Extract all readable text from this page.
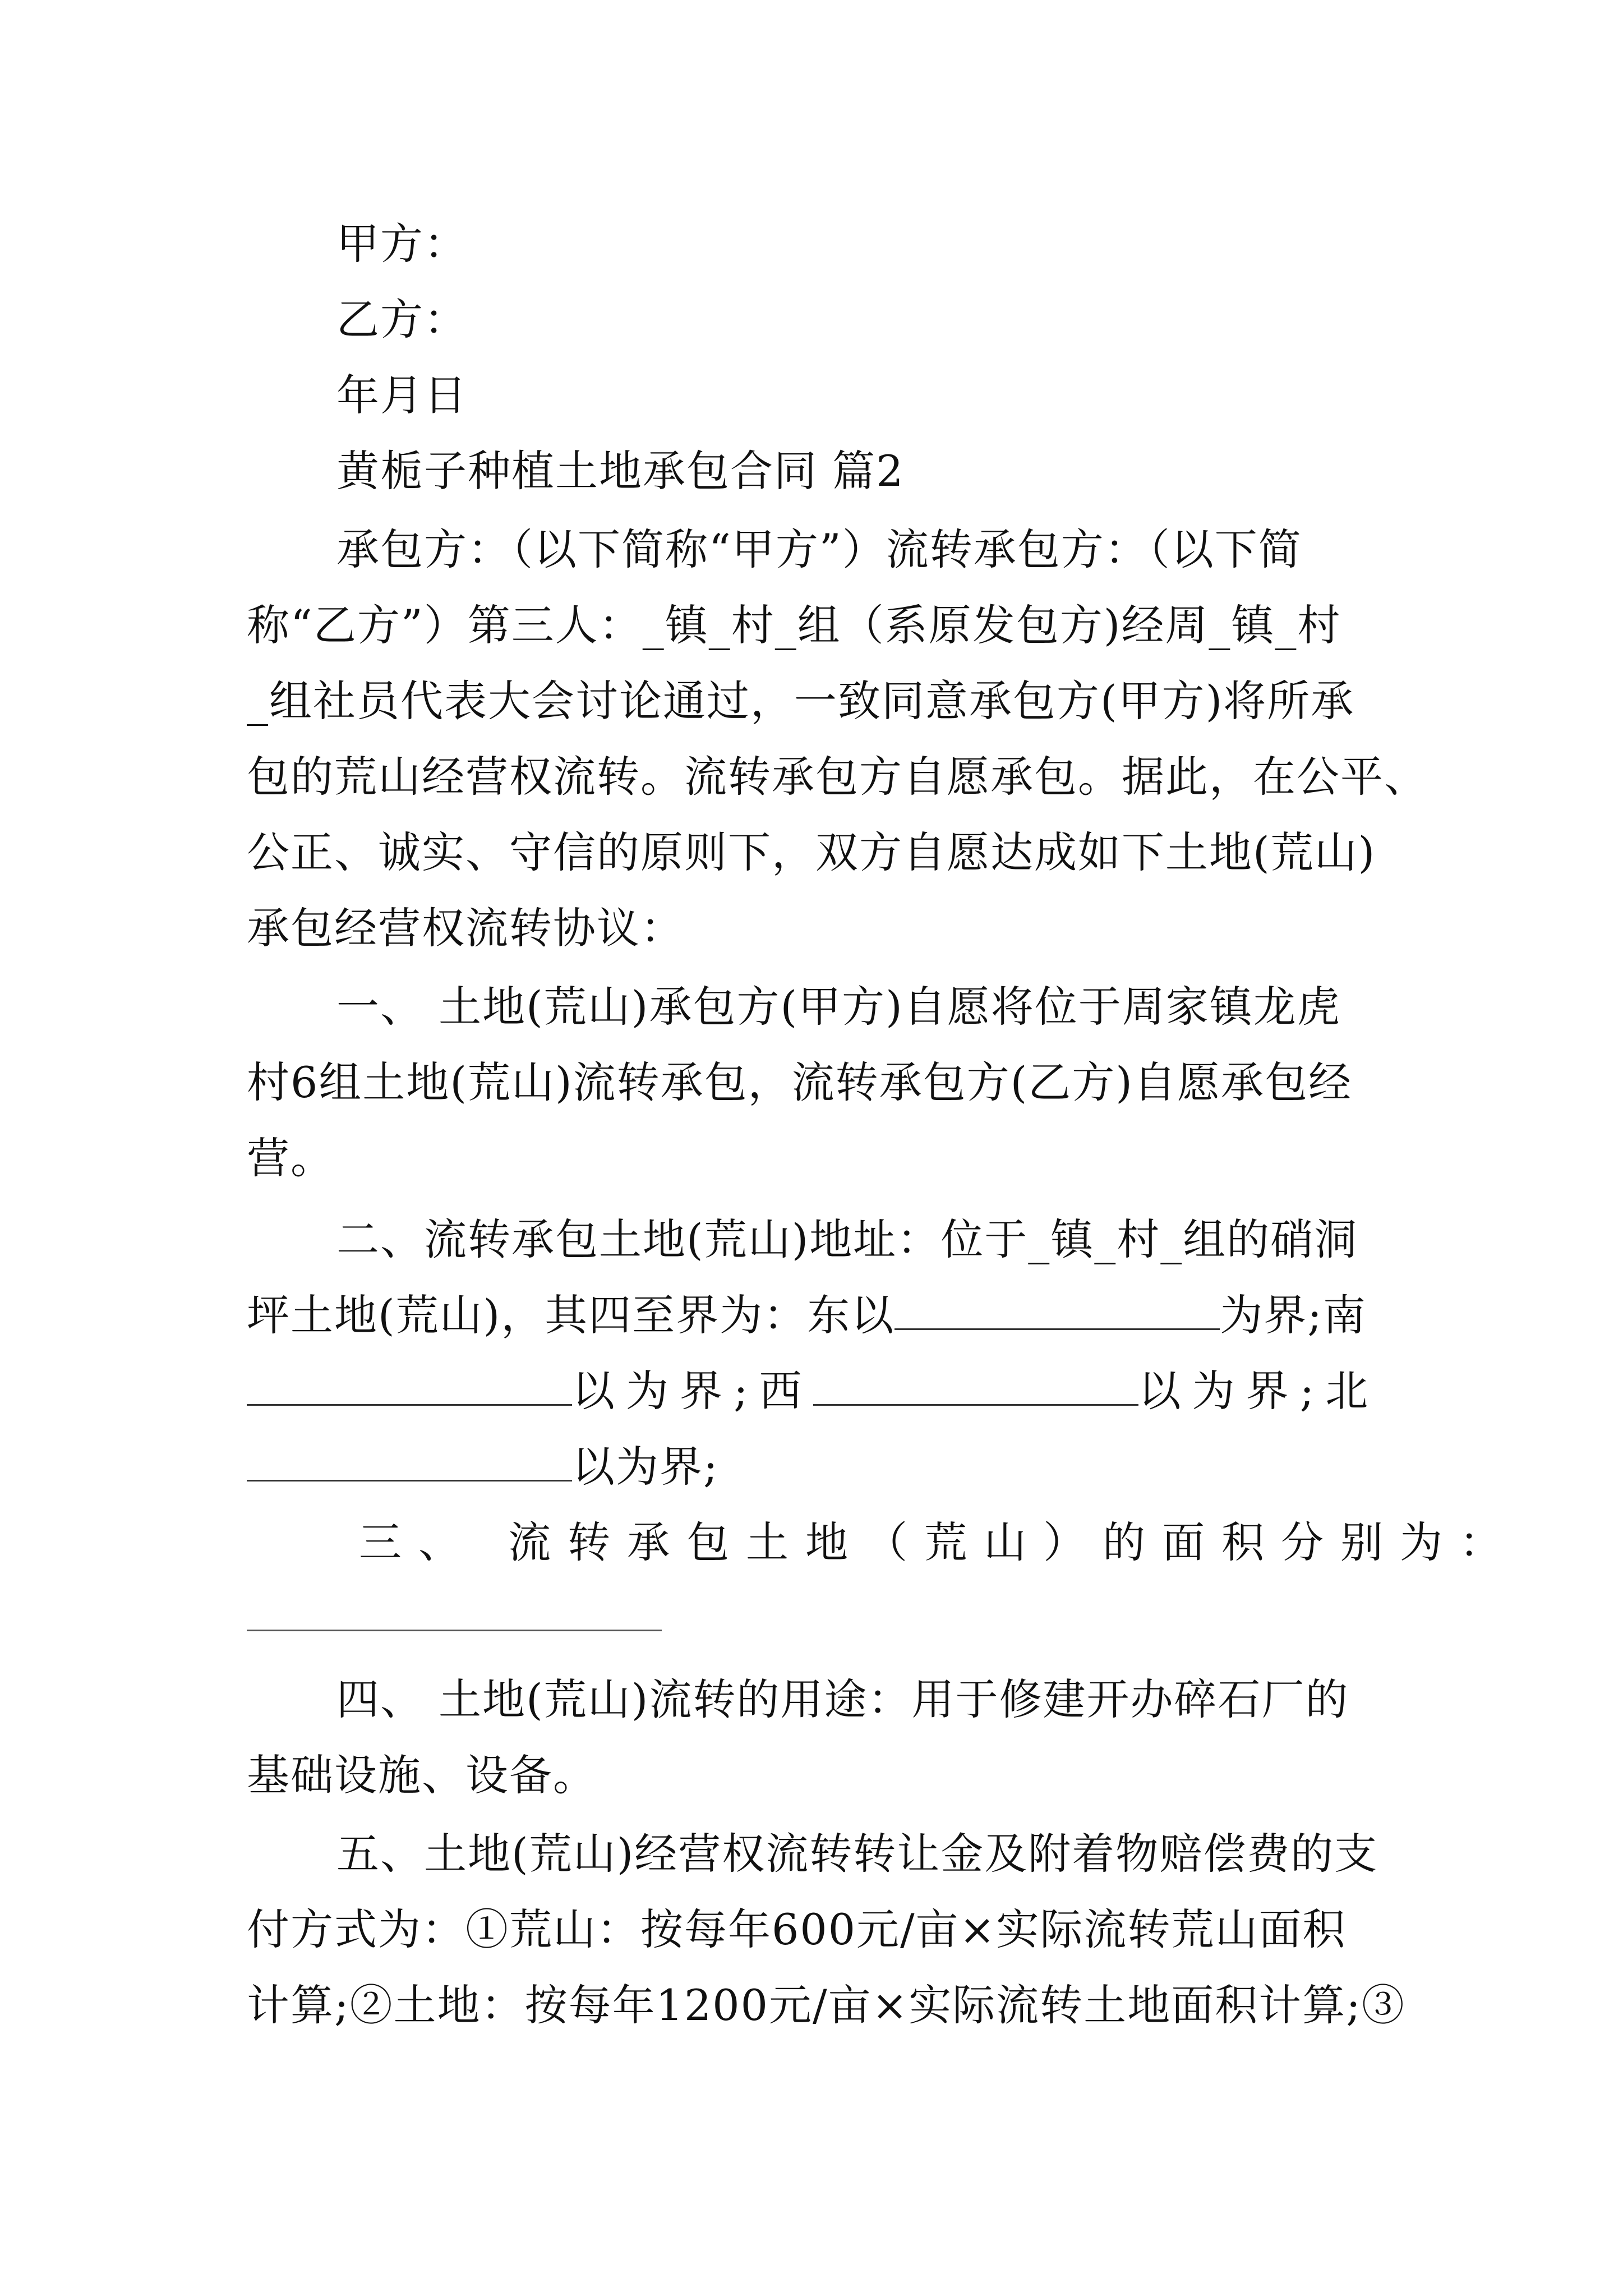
甲方：
乙方：
年月日
黄栀子种植土地承包合同 篇2
承包方：（以下简称“甲方”）流转承包方：（以下简
称“乙方”）第三人：_镇_村_组（系原发包方)经周_镇_村
_组社员代表大会讨论通过，一致同意承包方(甲方)将所承
包的荒山经营权流转。流转承包方自愿承包。据此，在公平、
公正、诚实、守信的原则下，双方自愿达成如下土地(荒山)
承包经营权流转协议：
一、 土地(荒山)承包方(甲方)自愿将位于周家镇龙虎
村6组土地(荒山)流转承包，流转承包方(乙方)自愿承包经
营。
二、流转承包土地(荒山)地址：位于_镇_村_组的硝洞
坪土地(荒山)，其四至界为：东以	为界;南
以为界;西	以为界;北
以为界;
三、 流转承包土地（荒山）的面积分别为：
四、 土地(荒山)流转的用途：用于修建开办碎石厂的
基础设施、设备。
五、土地(荒山)经营权流转转让金及附着物赔偿费的支
付方式为：①荒山：按每年600元/亩×实际流转荒山面积
计算;②土地：按每年1200元/亩×实际流转土地面积计算;③
